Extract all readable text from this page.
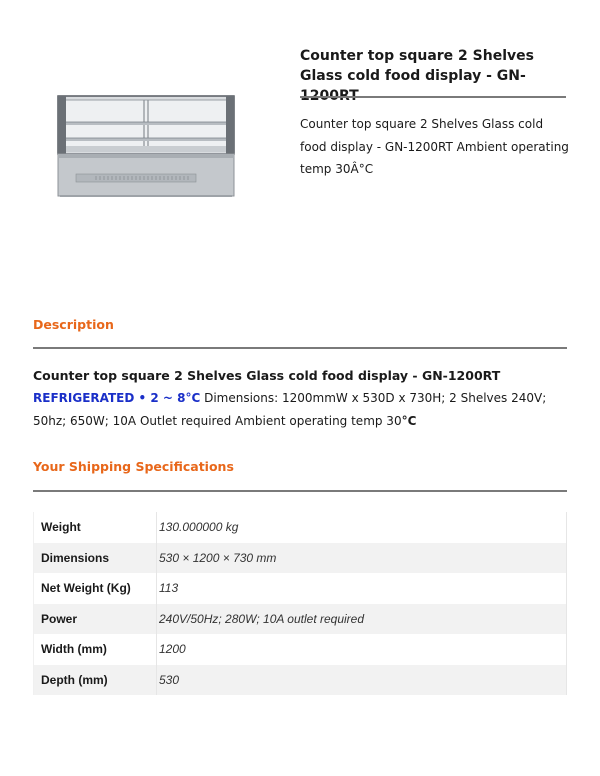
Counter top square 2 Shelves Glass cold food display - GN-1200RT
Counter top square 2 Shelves Glass cold food display - GN-1200RT Ambient operating temp 30Â°C
Description
Counter top square 2 Shelves Glass cold food display - GN-1200RT
REFRIGERATED • 2 ~ 8°C Dimensions: 1200mmW x 530D x 730H; 2 Shelves 240V; 50hz; 650W; 10A Outlet required Ambient operating temp 30°C
Your Shipping Specifications
Weight	130.000000 kg
Dimensions	530 × 1200 × 730 mm
Net Weight (Kg)	113
Power	240V/50Hz; 280W; 10A outlet required
Width (mm)	1200
Depth (mm)	530
